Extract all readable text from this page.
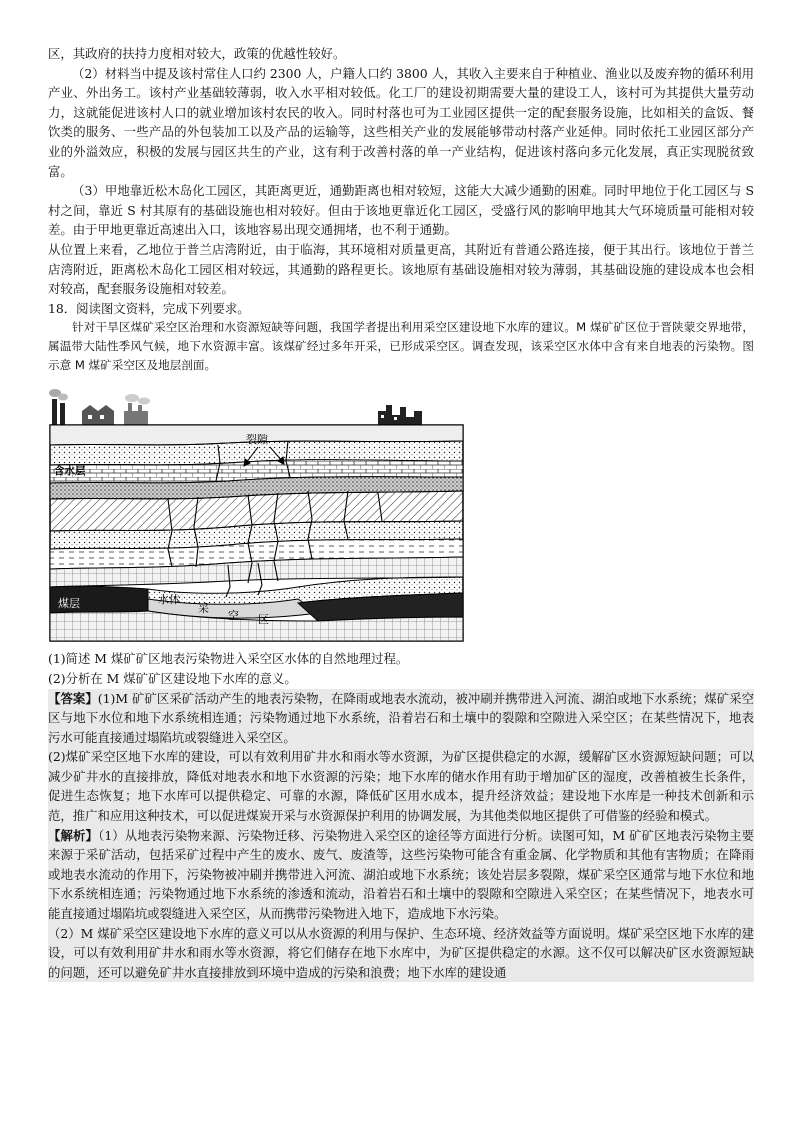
区，其政府的扶持力度相对较大，政策的优越性较好。

（2）材料当中提及该村常住人口约 2300 人，户籍人口约 3800 人，其收入主要来自于种植业、渔业以及废弃物的循环利用产业、外出务工。该村产业基础较薄弱，收入水平相对较低。化工厂的建设初期需要大量的建设工人，该村可为其提供大量劳动力，这就能促进该村人口的就业增加该村农民的收入。同时村落也可为工业园区提供一定的配套服务设施，比如相关的盒饭、餐饮类的服务、一些产品的外包装加工以及产品的运输等，这些相关产业的发展能够带动村落产业延伸。同时依托工业园区部分产业的外溢效应，积极的发展与园区共生的产业，这有利于改善村落的单一产业结构，促进该村落向多元化发展，真正实现脱贫致富。

（3）甲地靠近松木岛化工园区，其距离更近，通勤距离也相对较短，这能大大减少通勤的困难。同时甲地位于化工园区与 S 村之间，靠近 S 村其原有的基础设施也相对较好。但由于该地更靠近化工园区，受盛行风的影响甲地其大气环境质量可能相对较差。由于甲地更靠近高速出入口，该地容易出现交通拥堵，也不利于通勤。

从位置上来看，乙地位于普兰店湾附近，由于临海，其环境相对质量更高，其附近有普通公路连接，便于其出行。该地位于普兰店湾附近，距离松木岛化工园区相对较远，其通勤的路程更长。该地原有基础设施相对较为薄弱，其基础设施的建设成本也会相对较高，配套服务设施相对较差。

18．阅读图文资料，完成下列要求。

针对干旱区煤矿采空区治理和水资源短缺等问题，我国学者提出利用采空区建设地下水库的建议。M 煤矿矿区位于晋陕蒙交界地带，属温带大陆性季风气候，地下水资源丰富。该煤矿经过多年开采，已形成采空区。调查发现，该采空区水体中含有来自地表的污染物。图示意 M 煤矿采空区及地层剖面。

裂隙
含水层
煤层	水体
采
空 区

(1)简述 M 煤矿矿区地表污染物进入采空区水体的自然地理过程。

(2)分析在 M 煤矿矿区建设地下水库的意义。

【答案】(1)M 矿矿区采矿活动产生的地表污染物，在降雨或地表水流动，被冲刷并携带进入河流、湖泊或地下水系统；煤矿采空区与地下水位和地下水系统相连通；污染物通过地下水系统，沿着岩石和土壤中的裂隙和空隙进入采空区；在某些情况下，地表污水可能直接通过塌陷坑或裂缝进入采空区。

(2)煤矿采空区地下水库的建设，可以有效利用矿井水和雨水等水资源，为矿区提供稳定的水源，缓解矿区水资源短缺问题；可以减少矿井水的直接排放，降低对地表水和地下水资源的污染；地下水库的储水作用有助于增加矿区的湿度，改善植被生长条件，促进生态恢复；地下水库可以提供稳定、可靠的水源，降低矿区用水成本，提升经济效益；建设地下水库是一种技术创新和示范，推广和应用这种技术，可以促进煤炭开采与水资源保护利用的协调发展，为其他类似地区提供了可借鉴的经验和模式。

【解析】（1）从地表污染物来源、污染物迁移、污染物进入采空区的途径等方面进行分析。读图可知，M 矿矿区地表污染物主要来源于采矿活动，包括采矿过程中产生的废水、废气、废渣等，这些污染物可能含有重金属、化学物质和其他有害物质；在降雨或地表水流动的作用下，污染物被冲刷并携带进入河流、湖泊或地下水系统；该处岩层多裂隙，煤矿采空区通常与地下水位和地下水系统相连通；污染物通过地下水系统的渗透和流动，沿着岩石和土壤中的裂隙和空隙进入采空区；在某些情况下，地表水可能直接通过塌陷坑或裂缝进入采空区，从而携带污染物进入地下，造成地下水污染。

（2）M 煤矿采空区建设地下水库的意义可以从水资源的利用与保护、生态环境、经济效益等方面说明。煤矿采空区地下水库的建设，可以有效利用矿井水和雨水等水资源，将它们储存在地下水库中，为矿区提供稳定的水源。这不仅可以解决矿区水资源短缺的问题，还可以避免矿井水直接排放到环境中造成的污染和浪费；地下水库的建设通
